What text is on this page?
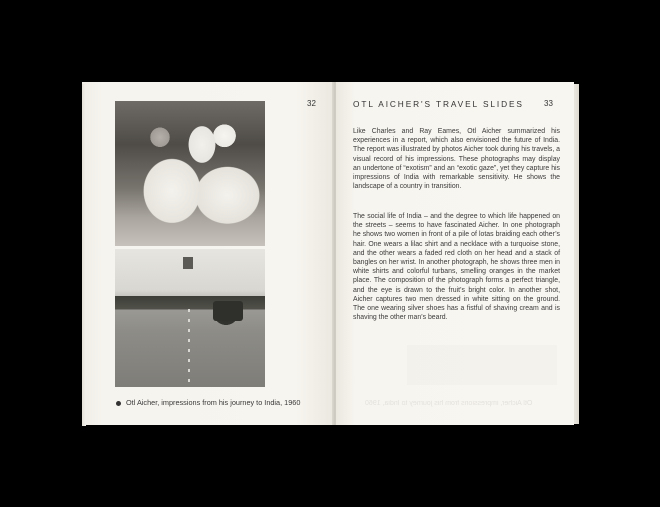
32
Otl Aicher, impressions from his journey to India, 1960
OTL AICHER'S TRAVEL SLIDES	33

Like Charles and Ray Eames, Otl Aicher summarized his experiences in a report, which also envisioned the future of India. The report was illustrated by photos Aicher took during his travels, a visual record of his impressions. These photographs may display an undertone of “exotism” and an “exotic gaze”, yet they capture his impressions of India with remarkable sensitivity. He shows the landscape of a country in transition.

The social life of India – and the degree to which life happened on the streets – seems to have fascinated Aicher. In one photograph he shows two women in front of a pile of lotas braiding each other’s hair. One wears a lilac shirt and a necklace with a turquoise stone, and the other wears a faded red cloth on her head and a stack of bangles on her wrist. In another photograph, he shows three men in white shirts and colorful turbans, smelling oranges in the market place. The composition of the photograph forms a perfect triangle, and the eye is drawn to the fruit’s bright color. In another shot, Aicher captures two men dressed in white sitting on the ground. The one wearing silver shoes has a fistful of shaving cream and is shaving the other man’s beard.

Otl Aicher, impressions from his journey to India, 1960
